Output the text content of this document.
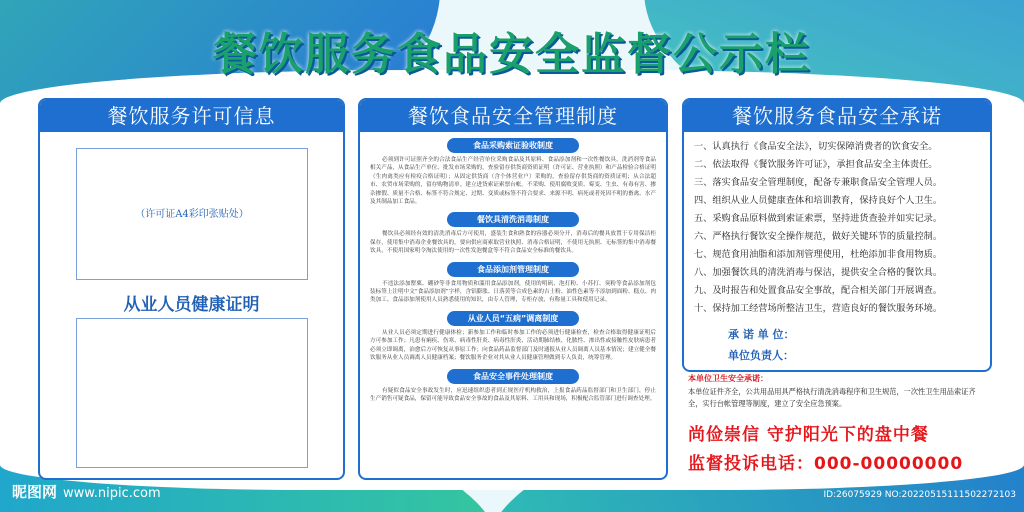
餐饮服务食品安全监督公示栏
餐饮服务许可信息
（许可证A4彩印张贴处）
从业人员健康证明
餐饮食品安全管理制度
食品采购索证验收制度
必须到许可证照齐全的合法食品生产经营单位采购食品及其原料、食品添加剂和一次性餐饮具，洗消剂等食品相关产品，从食品生产单位、批发市场采购的，查验留存供货商资质证明（许可证、营业执照）和产品检验合格证明（生肉禽类应有检疫合格证明）；从固定供货商（含个体营业户）采购的，查验留存供货商的资质证明；从合法超市、农贸市场采购的，留存购物清单。建立进货索证索票台帐。不采购、使用腐败变质、霉变、生虫、有毒有害、掺杂掺假、质量不合格、标签不符合规定、过期、变质或标签不符合要求、来源不明、病死或者死因不明的畜禽、水产及其制品加工食品。
餐饮具清洗消毒制度
餐饮具必须经有效的清洗消毒后方可使用，盛装生食和熟食的容器必须分开，消毒后的餐具放置于专用保洁柜保存，使用集中消毒企业餐饮具的，要向供应商索取营业执照、消毒合格证明，不使用无执照、无标签的集中消毒餐饮具，不使用国家明令淘汰使用的一次性发泡餐盒等不符合食品安全标准的餐饮具。
食品添加剂管理制度
不违法添加罂粟、硼砂等非食用物质和滥用食品添加剂，使用的明矾、泡打粉、小苏打、臭粉等食品添加剂包装标签上注明中文“食品添加剂”字样，含铝膨胀、日落黄等合成色素的吉士粉、油性色素等不添加到面粉、糕点、肉类加工。食品添加剂使用人员熟悉使用的知识，由专人管理，专柜存放，有称量工具和使用记录。
从业人员“五病”调离制度
从业人员必须定期进行健康体检；新参加工作和临时参加工作的必须进行健康检查，检查合格取得健康证明后方可参加工作；凡患有痢疾、伤寒、病毒性肝炎、病毒性肝炎、活动期肺结核、化脓性、渗出性或接触性皮肤病患者必须立即调离，治愈后方可恢复从事原工作；向食品药品监督部门及时通报从业人员调离人员基本情况；建立健全餐饮服务从业人员调离人员健康档案；餐饮服务企业对其从业人员健康管理做到专人负责，统筹管理。
食品安全事件处理制度
有疑似食品安全事故发生时，应迅速组织患者到正规医疗机构救治，上报食品药品监督部门和卫生部门，停止生产销售可疑食品，保留可能导致食品安全事故的食品及其原料、工用具和现场，积极配合监管部门进行调查处理。
餐饮服务食品安全承诺
一、认真执行《食品安全法》，切实保障消费者的饮食安全。
二、依法取得《餐饮服务许可证》，承担食品安全主体责任。
三、落实食品安全管理制度，配备专兼职食品安全管理人员。
四、组织从业人员健康查体和培训教育，保持良好个人卫生。
五、采购食品原料做到索证索票，坚持进货查验并如实记录。
六、严格执行餐饮安全操作规范，做好关键环节的质量控制。
七、规范食用油脂和添加剂管理使用，杜绝添加非食用物质。
八、加强餐饮具的清洗消毒与保洁，提供安全合格的餐饮具。
九、及时报告和处置食品安全事故，配合相关部门开展调查。
十、保持加工经营场所整洁卫生，营造良好的餐饮服务环境。
承 诺 单 位：
单位负责人：
本单位卫生安全承诺：
本单位证件齐全，公共用品用具严格执行清洗消毒程序和卫生规范，一次性卫生用品索证齐全，实行台帐管理等制度，建立了安全应急预案。
尚俭崇信 守护阳光下的盘中餐
监督投诉电话：000-00000000
昵图网 www.nipic.com	ID:26075929 NO:20220515111502272103
